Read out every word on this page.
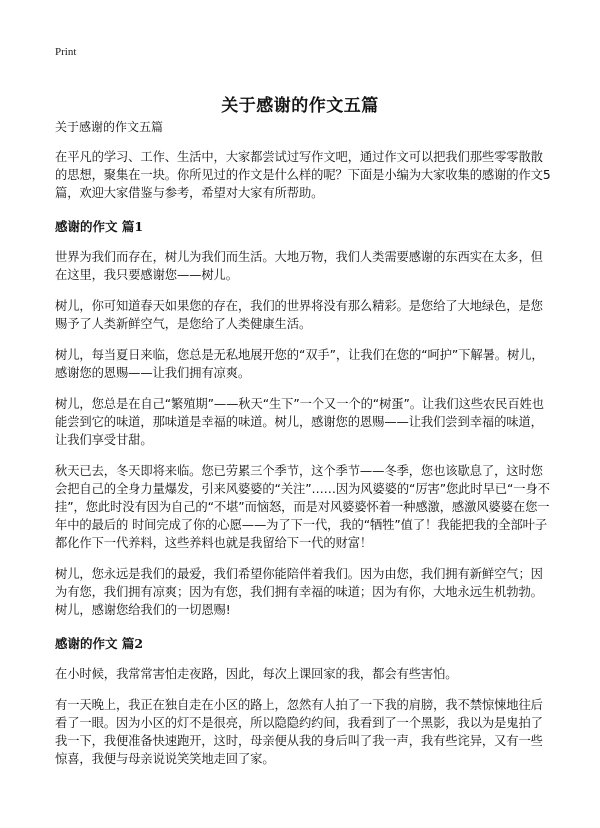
Print
关于感谢的作文五篇
关于感谢的作文五篇

在平凡的学习、工作、生活中，大家都尝试过写作文吧，通过作文可以把我们那些零零散散的思想，聚集在一块。你所见过的作文是什么样的呢？下面是小编为大家收集的感谢的作文5篇，欢迎大家借鉴与参考，希望对大家有所帮助。

感谢的作文 篇1

世界为我们而存在，树儿为我们而生活。大地万物，我们人类需要感谢的东西实在太多，但在这里，我只要感谢您——树儿。

树儿，你可知道春天如果您的存在，我们的世界将没有那么精彩。是您给了大地绿色，是您赐予了人类新鲜空气，是您给了人类健康生活。

树儿，每当夏日来临，您总是无私地展开您的“双手”，让我们在您的“呵护”下解暑。树儿，感谢您的恩赐——让我们拥有凉爽。

树儿，您总是在自己“繁殖期”——秋天“生下”一个又一个的“树蛋”。让我们这些农民百姓也能尝到它的味道，那味道是幸福的味道。树儿，感谢您的恩赐——让我们尝到幸福的味道，让我们享受甘甜。

秋天已去，冬天即将来临。您已劳累三个季节，这个季节——冬季，您也该歇息了，这时您会把自己的全身力量爆发，引来风婆婆的“关注”……因为风婆婆的“厉害”您此时早已“一身不挂”，您此时没有因为自己的“不堪”而恼怒，而是对风婆婆怀着一种感激，感激风婆婆在您一年中的最后的 时间完成了你的心愿——为了下一代，我的“牺牲”值了！我能把我的全部叶子都化作下一代养料，这些养料也就是我留给下一代的财富！

树儿，您永远是我们的最爱，我们希望你能陪伴着我们。因为由您，我们拥有新鲜空气；因为有您，我们拥有凉爽；因为有您，我们拥有幸福的味道；因为有你，大地永远生机勃勃。树儿，感谢您给我们的一切恩赐!

感谢的作文 篇2

在小时候，我常常害怕走夜路，因此，每次上课回家的我，都会有些害怕。

有一天晚上，我正在独自走在小区的路上，忽然有人拍了一下我的肩膀，我不禁惊悚地往后看了一眼。因为小区的灯不是很亮，所以隐隐约约间，我看到了一个黑影，我以为是鬼拍了我一下，我便准备快速跑开，这时，母亲便从我的身后叫了我一声，我有些诧异，又有一些惊喜，我便与母亲说说笑笑地走回了家。
